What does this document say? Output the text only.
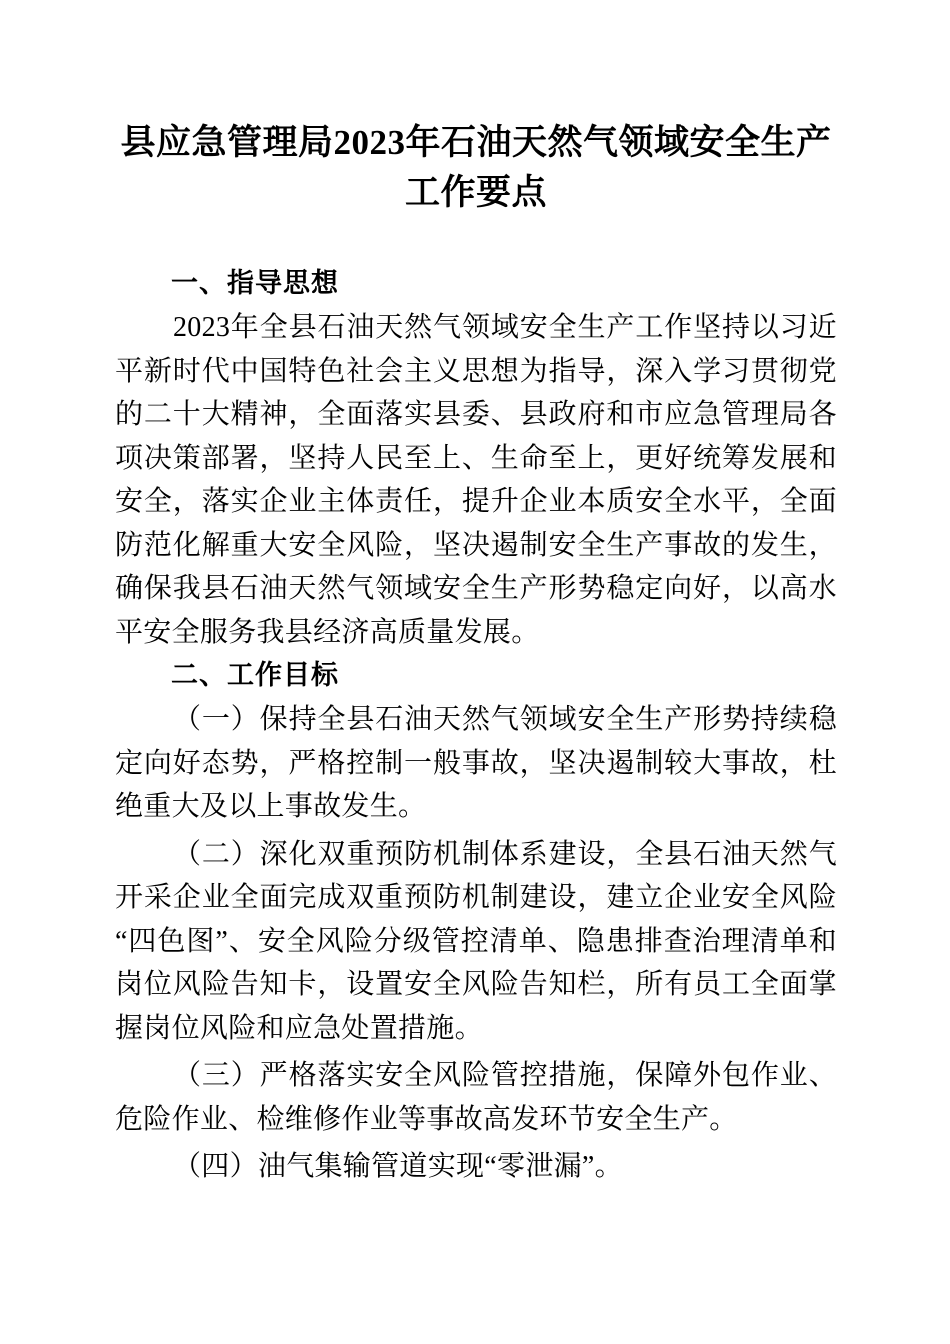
县应急管理局2023年石油天然气领域安全生产工作要点
一、指导思想

2023年全县石油天然气领域安全生产工作坚持以习近平新时代中国特色社会主义思想为指导，深入学习贯彻党的二十大精神，全面落实县委、县政府和市应急管理局各项决策部署，坚持人民至上、生命至上，更好统筹发展和安全，落实企业主体责任，提升企业本质安全水平，全面防范化解重大安全风险，坚决遏制安全生产事故的发生，确保我县石油天然气领域安全生产形势稳定向好，以高水平安全服务我县经济高质量发展。

二、工作目标

（一）保持全县石油天然气领域安全生产形势持续稳定向好态势，严格控制一般事故，坚决遏制较大事故，杜绝重大及以上事故发生。

（二）深化双重预防机制体系建设，全县石油天然气开采企业全面完成双重预防机制建设，建立企业安全风险“四色图”、安全风险分级管控清单、隐患排查治理清单和岗位风险告知卡，设置安全风险告知栏，所有员工全面掌握岗位风险和应急处置措施。

（三）严格落实安全风险管控措施，保障外包作业、危险作业、检维修作业等事故高发环节安全生产。

（四）油气集输管道实现“零泄漏”。
